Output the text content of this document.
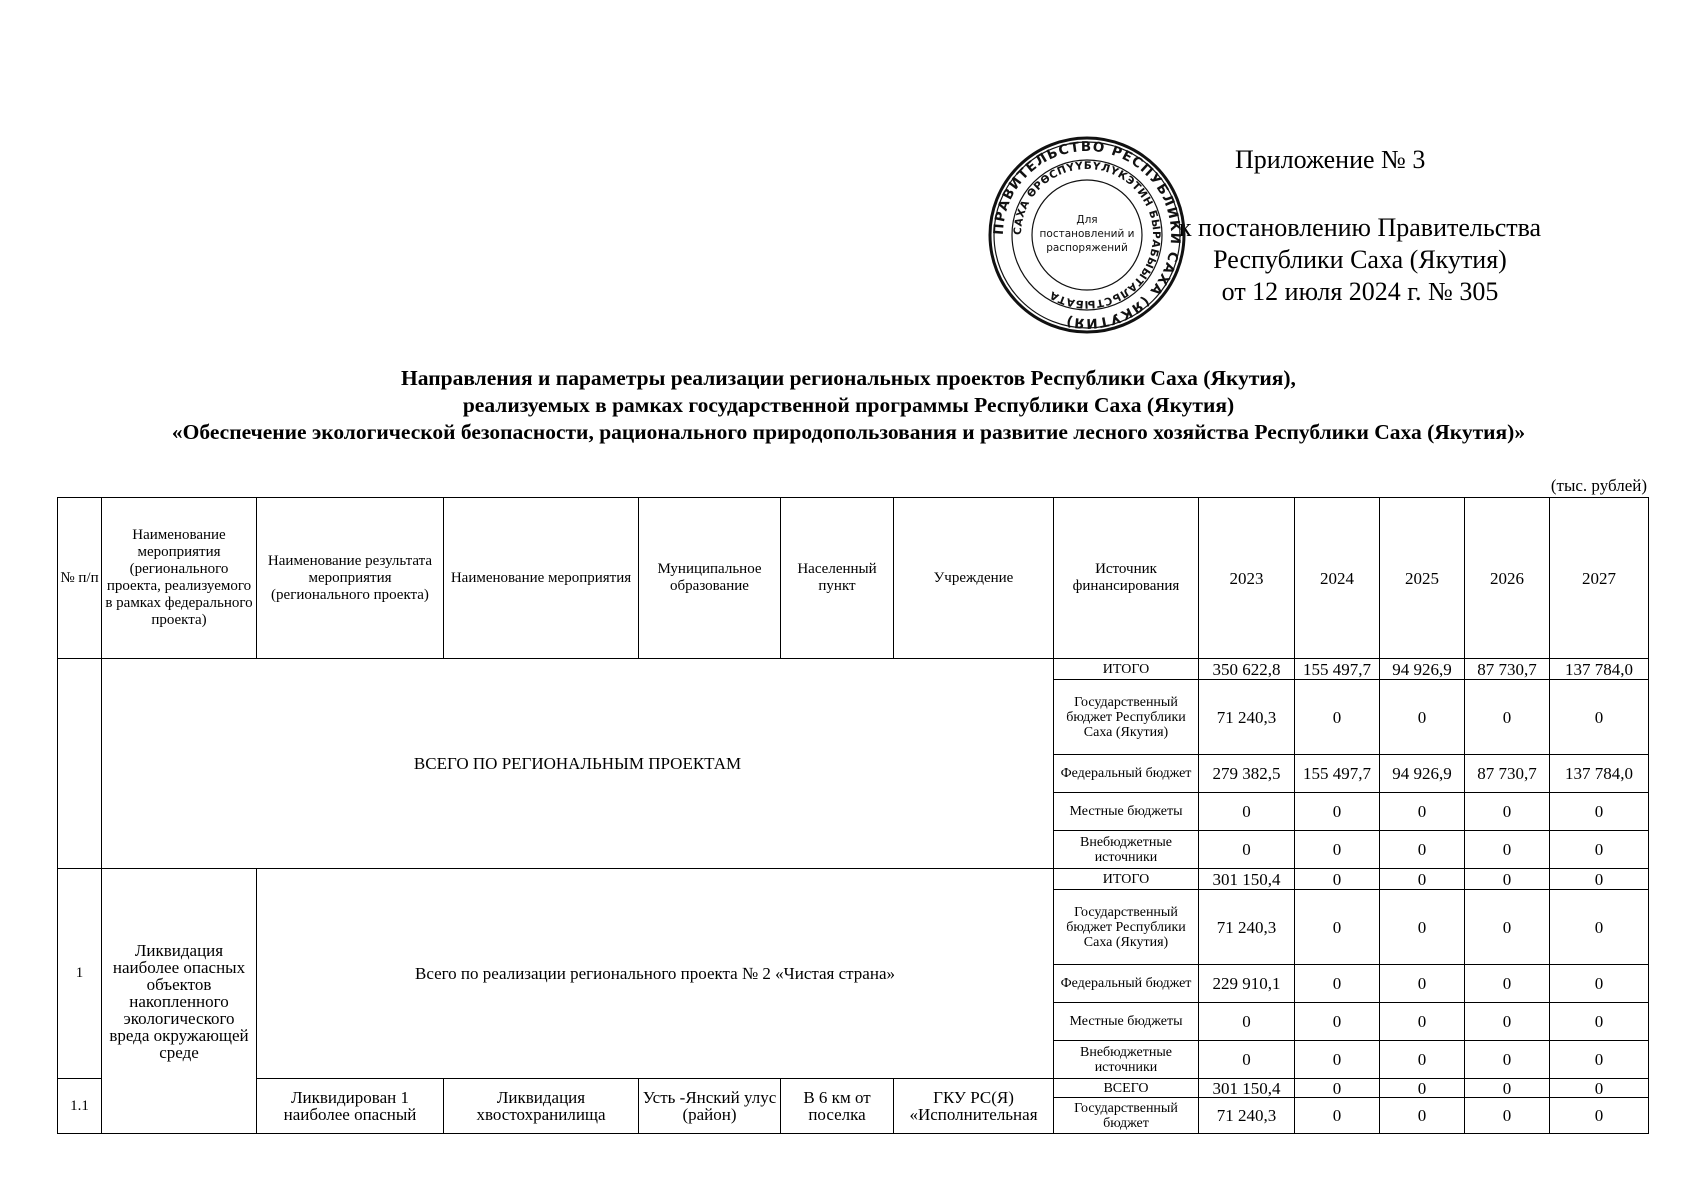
Приложение № 3
к постановлению Правительства
Республики Саха (Якутия)
от 12 июля 2024 г. № 305
ПРАВИТЕЛЬСТВО РЕСПУБЛИКИ САХА (ЯКУТИЯ)
САХА ӨРӨСПҮҮБҮЛҮКЭТИН БЫРАБЫЫТАЛЬСТЫБАТА
Для
постановлений и
распоряжений
Направления и параметры реализации региональных проектов Республики Саха (Якутия),
реализуемых в рамках государственной программы Республики Саха (Якутия)
«Обеспечение экологической безопасности, рационального природопользования и развитие лесного хозяйства Республики Саха (Якутия)»
(тыс. рублей)
№ п/п	Наименование мероприятия (регионального проекта, реализуемого в рамках федерального проекта)	Наименование результата мероприятия (регионального проекта)	Наименование мероприятия	Муниципальное образование	Населенный пункт	Учреждение	Источник финансирования	2023	2024	2025	2026	2027
	ВСЕГО ПО РЕГИОНАЛЬНЫМ ПРОЕКТАМ						ИТОГО	350 622,8	155 497,7	94 926,9	87 730,7	137 784,0
							Государственный бюджет Республики Саха (Якутия)	71 240,3	0	0	0	0
							Федеральный бюджет	279 382,5	155 497,7	94 926,9	87 730,7	137 784,0
							Местные бюджеты	0	0	0	0	0
							Внебюджетные источники	0	0	0	0	0
1	Ликвидация наиболее опасных объектов накопленного экологического вреда окружающей среде	Всего по реализации регионального проекта № 2 «Чистая страна»					ИТОГО	301 150,4	0	0	0	0
							Государственный бюджет Республики Саха (Якутия)	71 240,3	0	0	0	0
							Федеральный бюджет	229 910,1	0	0	0	0
							Местные бюджеты	0	0	0	0	0
							Внебюджетные источники	0	0	0	0	0
1.1		Ликвидирован 1 наиболее опасный	Ликвидация хвостохранилища	Усть -Янский улус (район)	В 6 км от поселка	ГКУ РС(Я) «Исполнительная	ВСЕГО	301 150,4	0	0	0	0
							Государственный бюджет	71 240,3	0	0	0	0
